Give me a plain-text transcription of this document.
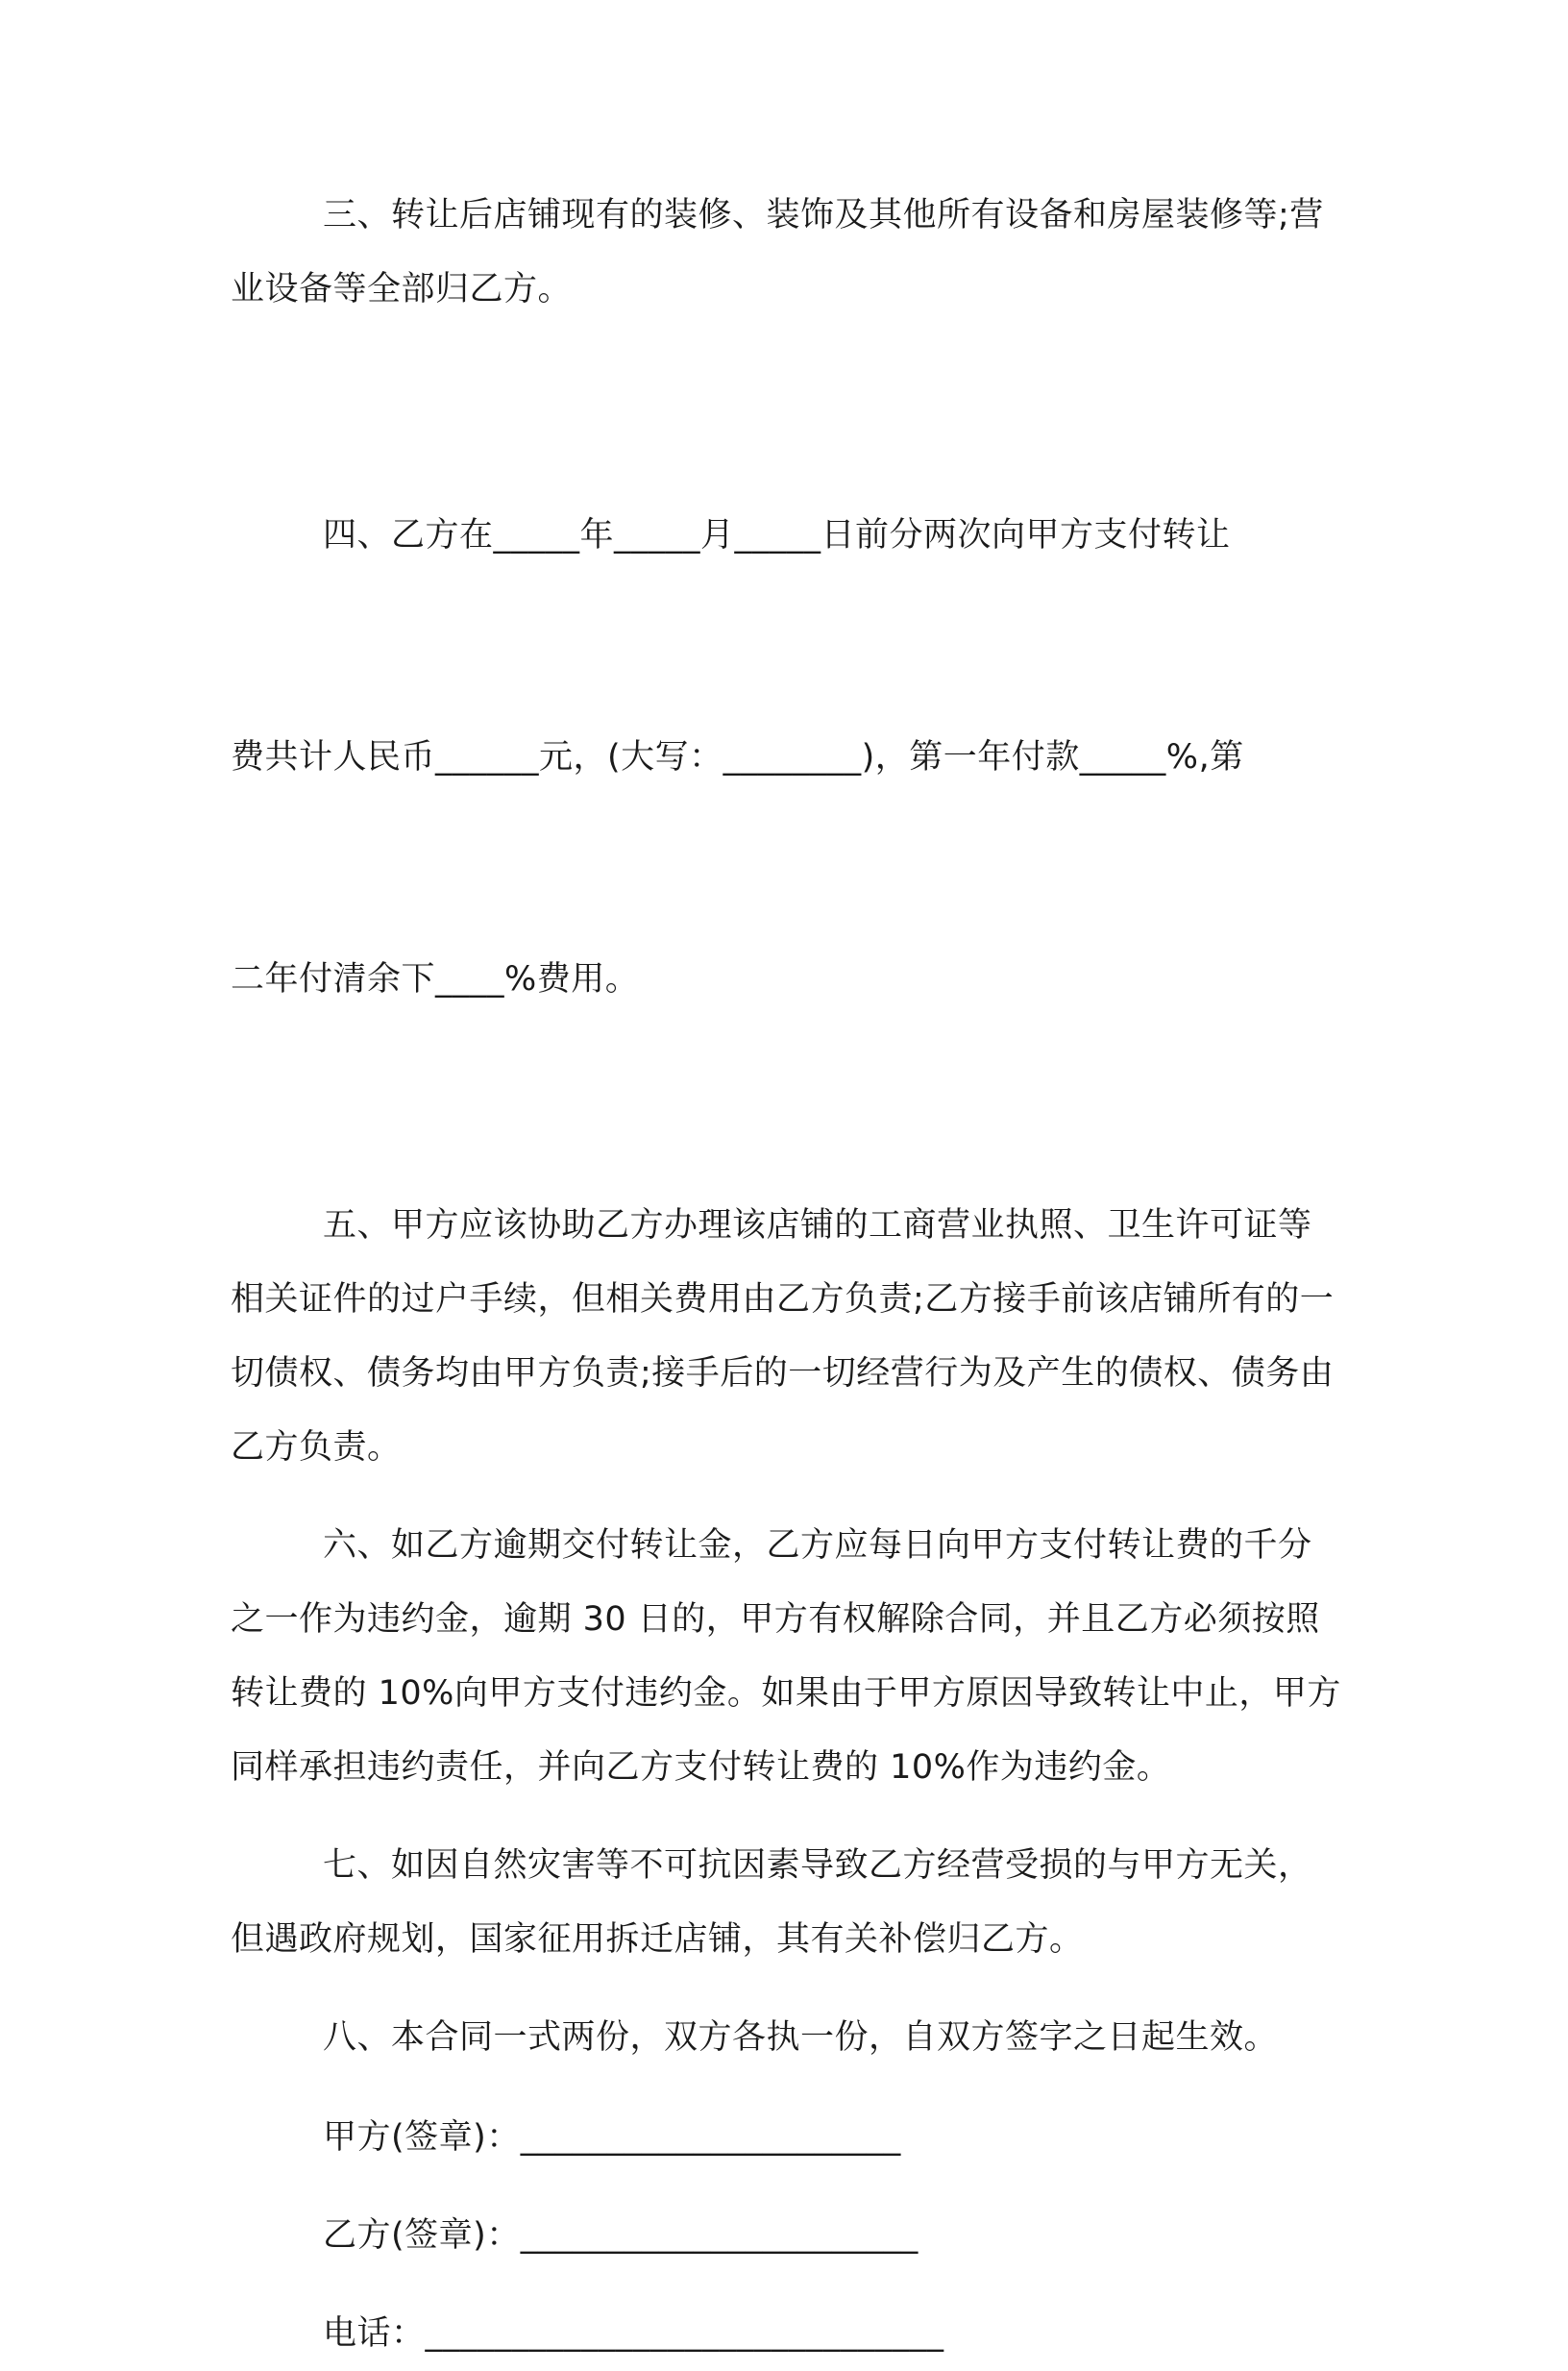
三、转让后店铺现有的装修、装饰及其他所有设备和房屋装修等;营业设备等全部归乙方。

四、乙方在_____年_____月_____日前分两次向甲方支付转让

费共计人民币______元，(大写：________)，第一年付款_____%,第

二年付清余下____%费用。

五、甲方应该协助乙方办理该店铺的工商营业执照、卫生许可证等相关证件的过户手续，但相关费用由乙方负责;乙方接手前该店铺所有的一切债权、债务均由甲方负责;接手后的一切经营行为及产生的债权、债务由乙方负责。

六、如乙方逾期交付转让金，乙方应每日向甲方支付转让费的千分之一作为违约金，逾期 30 日的，甲方有权解除合同，并且乙方必须按照转让费的 10%向甲方支付违约金。如果由于甲方原因导致转让中止，甲方同样承担违约责任，并向乙方支付转让费的 10%作为违约金。

七、如因自然灾害等不可抗因素导致乙方经营受损的与甲方无关，但遇政府规划，国家征用拆迁店铺，其有关补偿归乙方。

八、本合同一式两份，双方各执一份，自双方签字之日起生效。

甲方(签章)：______________________
乙方(签章)：_______________________
电话：______________________________
